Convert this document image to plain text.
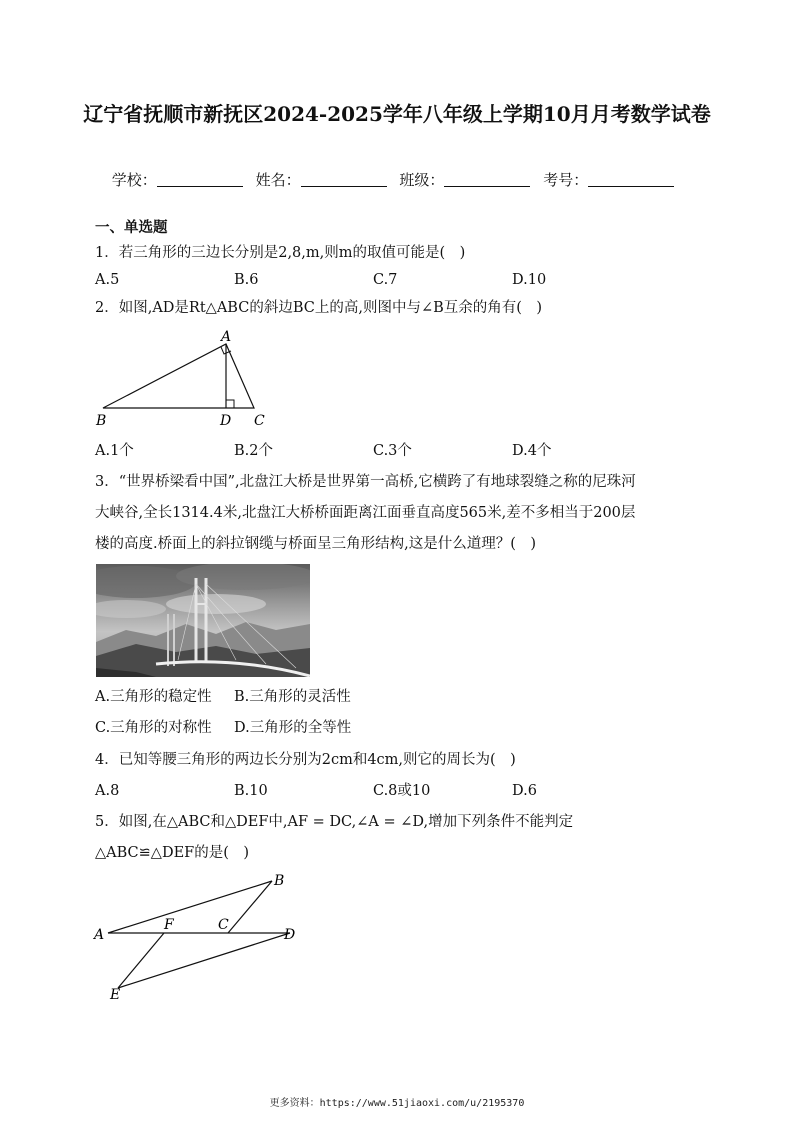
辽宁省抚顺市新抚区2024-2025学年八年级上学期10月月考数学试卷
学校：	姓名：	班级：	考号：
一、单选题
1．若三角形的三边长分别是2,8,m,则m的取值可能是(　)
A.5	B.6	C.7	D.10
2．如图,AD是Rt△ABC的斜边BC上的高,则图中与∠B互余的角有(　)
A
B	D C
A.1个	B.2个	C.3个	D.4个
3．“世界桥梁看中国”,北盘江大桥是世界第一高桥,它横跨了有地球裂缝之称的尼珠河
大峡谷,全长1314.4米,北盘江大桥桥面距离江面垂直高度565米,差不多相当于200层
楼的高度.桥面上的斜拉钢缆与桥面呈三角形结构,这是什么道理？(　)
A.三角形的稳定性 B.三角形的灵活性
C.三角形的对称性 D.三角形的全等性
4．已知等腰三角形的两边长分别为2cm和4cm,则它的周长为(　)
A.8	B.10	C.8或10	D.6
5．如图,在△ABC和△DEF中,AF = DC,∠A = ∠D,增加下列条件不能判定
△ABC≌△DEF的是(　)
A
B
C
D
E
F
更多资料：https://www.51jiaoxi.com/u/2195370
